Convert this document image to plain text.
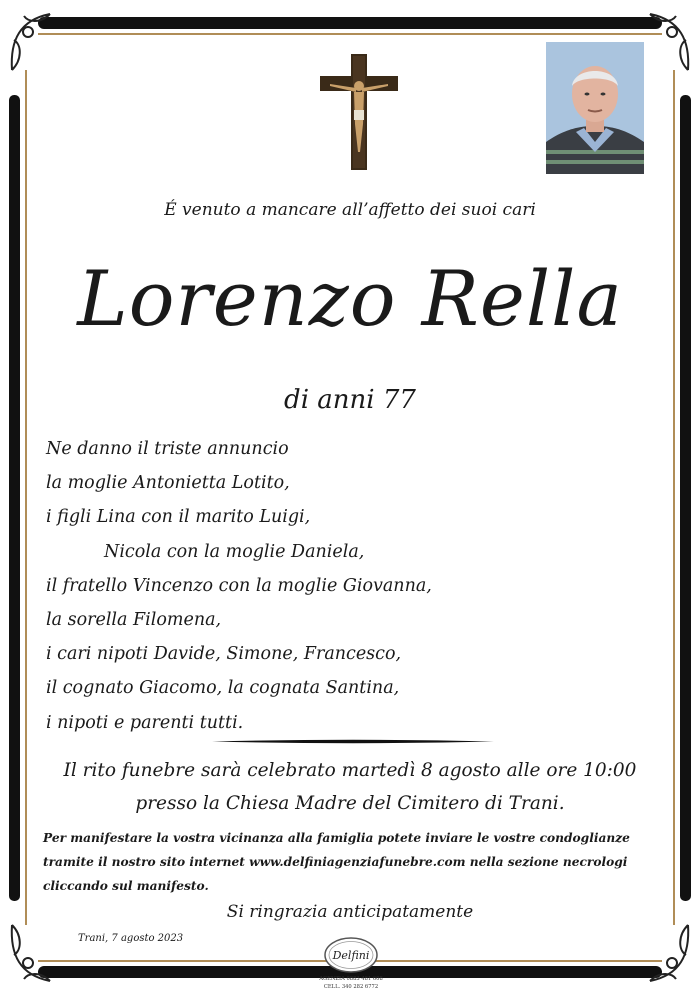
É venuto a mancare all’affetto dei suoi cari
Lorenzo Rella
di anni 77
Ne danno il triste annuncio
la moglie Antonietta Lotito,
i figli Lina con il marito Luigi,
Nicola con la moglie Daniela,
il fratello Vincenzo con la moglie Giovanna,
la sorella Filomena,
i cari nipoti Davide, Simone, Francesco,
il cognato Giacomo, la cognata Santina,
i nipoti e parenti tutti.
Il rito funebre sarà celebrato martedì 8 agosto alle ore 10:00
presso la Chiesa Madre del Cimitero di Trani.
Per manifestare la vostra vicinanza alla famiglia potete inviare le vostre condoglianze
tramite il nostro sito internet www.delfiniagenziafunebre.com nella sezione necrologi
cliccando sul manifesto.
Si ringrazia anticipatamente
Trani, 7 agosto 2023
Delfini
AGENZIA 0883 481 608
CELL. 340 282 6772
